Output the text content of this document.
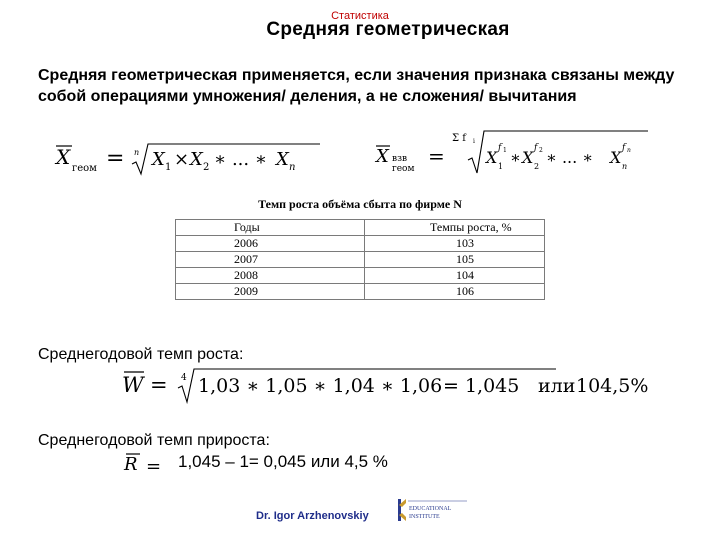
Статистика
Средняя геометрическая
Средняя геометрическая применяется, если значения признака связаны между собой операциями умножения/ деления, а не сложения/ вычитания
X геом = n X 1 × X 2 ∗ ... ∗ X n
X взв
геом
=
Σ f i
X f 1
1 ∗ X f 2
2 ∗ ... ∗ X f n
n
Темп роста объёма сбыта по фирме N
Годы	Темпы роста, %
2006	103
2007	105
2008	104
2009	106
Среднегодовой темп роста:
W = 4 1,03 ∗ 1,05 ∗ 1,04 ∗ 1,06 = 1,045 или 104,5%
Среднегодовой темп прироста:
R = 1,045 – 1= 0,045 или 4,5 %
Dr. Igor Arzhenovskiy
EDUCATIONAL
INSTITUTE
